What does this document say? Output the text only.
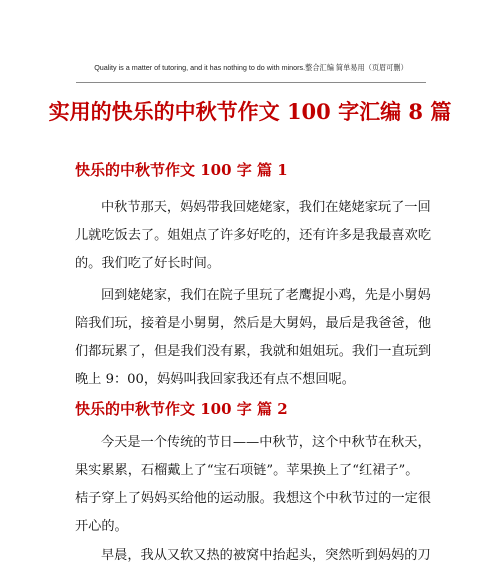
Quality is a matter of tutoring, and it has nothing to do with minors.整合汇编 简单易用（页眉可删）
实用的快乐的中秋节作文 100 字汇编 8 篇
快乐的中秋节作文 100 字 篇 1
中秋节那天，妈妈带我回姥姥家，我们在姥姥家玩了一回
儿就吃饭去了。姐姐点了许多好吃的，还有许多是我最喜欢吃
的。我们吃了好长时间。
回到姥姥家，我们在院子里玩了老鹰捉小鸡，先是小舅妈
陪我们玩，接着是小舅舅，然后是大舅妈，最后是我爸爸，他
们都玩累了，但是我们没有累，我就和姐姐玩。我们一直玩到
晚上 9：00，妈妈叫我回家我还有点不想回呢。
快乐的中秋节作文 100 字 篇 2
今天是一个传统的节日——中秋节，这个中秋节在秋天，
果实累累，石榴戴上了“宝石项链”。苹果换上了“红裙子”。
桔子穿上了妈妈买给他的运动服。我想这个中秋节过的一定很
开心的。
早晨，我从又软又热的被窝中抬起头，突然听到妈妈的刀
